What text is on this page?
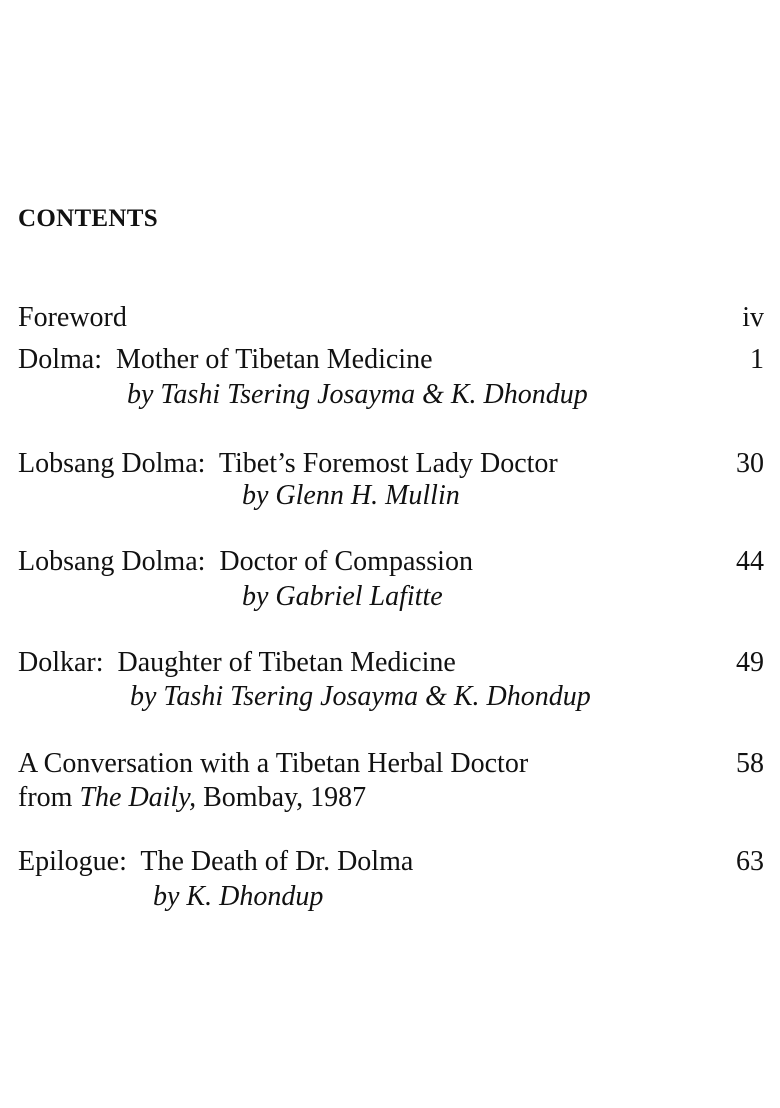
CONTENTS
Foreword	iv
Dolma:  Mother of Tibetan Medicine
by Tashi Tsering Josayma & K. Dhondup
1
Lobsang Dolma:  Tibet’s Foremost Lady Doctor
by Glenn H. Mullin
30
Lobsang Dolma:  Doctor of Compassion
by Gabriel Lafitte
44
Dolkar:  Daughter of Tibetan Medicine
by Tashi Tsering Josayma & K. Dhondup
49
A Conversation with a Tibetan Herbal Doctor
from The Daily, Bombay, 1987
58
Epilogue:  The Death of Dr. Dolma
by K. Dhondup
63
